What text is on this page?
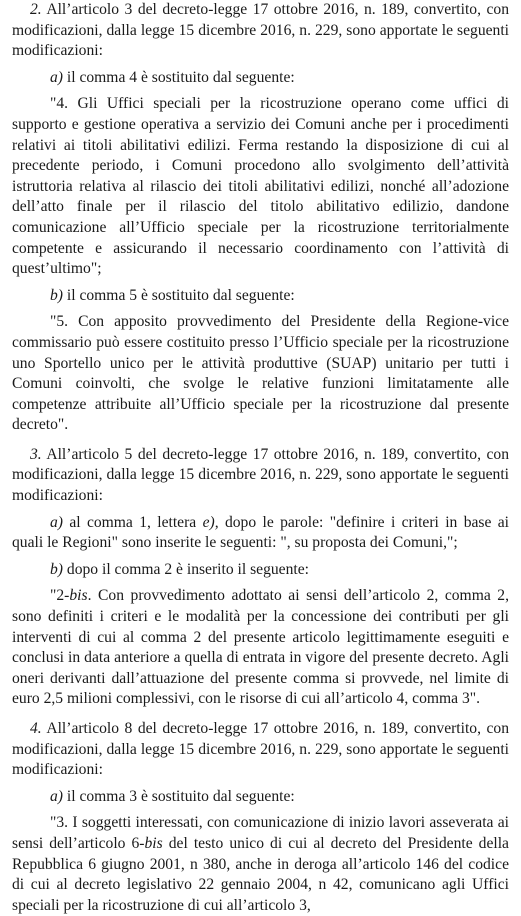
2. All’articolo 3 del decreto-legge 17 ottobre 2016, n. 189, convertito, con modificazioni, dalla legge 15 dicembre 2016, n. 229, sono apportate le seguenti modificazioni:

a) il comma 4 è sostituito dal seguente:

"4. Gli Uffici speciali per la ricostruzione operano come uffici di supporto e gestione operativa a servizio dei Comuni anche per i procedimenti relativi ai titoli abilitativi edilizi. Ferma restando la disposizione di cui al precedente periodo, i Comuni procedono allo svolgimento dell’attività istruttoria relativa al rilascio dei titoli abilitativi edilizi, nonché all’adozione dell’atto finale per il rilascio del titolo abilitativo edilizio, dandone comunicazione all’Ufficio speciale per la ricostruzione territorialmente competente e assicurando il necessario coordinamento con l’attività di quest’ultimo";

b) il comma 5 è sostituito dal seguente:

"5. Con apposito provvedimento del Presidente della Regione-vice commissario può essere costituito presso l’Ufficio speciale per la ricostruzione uno Sportello unico per le attività produttive (SUAP) unitario per tutti i Comuni coinvolti, che svolge le relative funzioni limitatamente alle competenze attribuite all’Ufficio speciale per la ricostruzione dal presente decreto".

3. All’articolo 5 del decreto-legge 17 ottobre 2016, n. 189, convertito, con modificazioni, dalla legge 15 dicembre 2016, n. 229, sono apportate le seguenti modificazioni:

a) al comma 1, lettera e), dopo le parole: "definire i criteri in base ai quali le Regioni" sono inserite le seguenti: ", su proposta dei Comuni,";

b) dopo il comma 2 è inserito il seguente:

"2-bis. Con provvedimento adottato ai sensi dell’articolo 2, comma 2, sono definiti i criteri e le modalità per la concessione dei contributi per gli interventi di cui al comma 2 del presente articolo legittimamente eseguiti e conclusi in data anteriore a quella di entrata in vigore del presente decreto. Agli oneri derivanti dall’attuazione del presente comma si provvede, nel limite di euro 2,5 milioni complessivi, con le risorse di cui all’articolo 4, comma 3".

4. All’articolo 8 del decreto-legge 17 ottobre 2016, n. 189, convertito, con modificazioni, dalla legge 15 dicembre 2016, n. 229, sono apportate le seguenti modificazioni:

a) il comma 3 è sostituito dal seguente:

"3. I soggetti interessati, con comunicazione di inizio lavori asseverata ai sensi dell’articolo 6-bis del testo unico di cui al decreto del Presidente della Repubblica 6 giugno 2001, n 380, anche in deroga all’articolo 146 del codice di cui al decreto legislativo 22 gennaio 2004, n 42, comunicano agli Uffici speciali per la ricostruzione di cui all’articolo 3,
